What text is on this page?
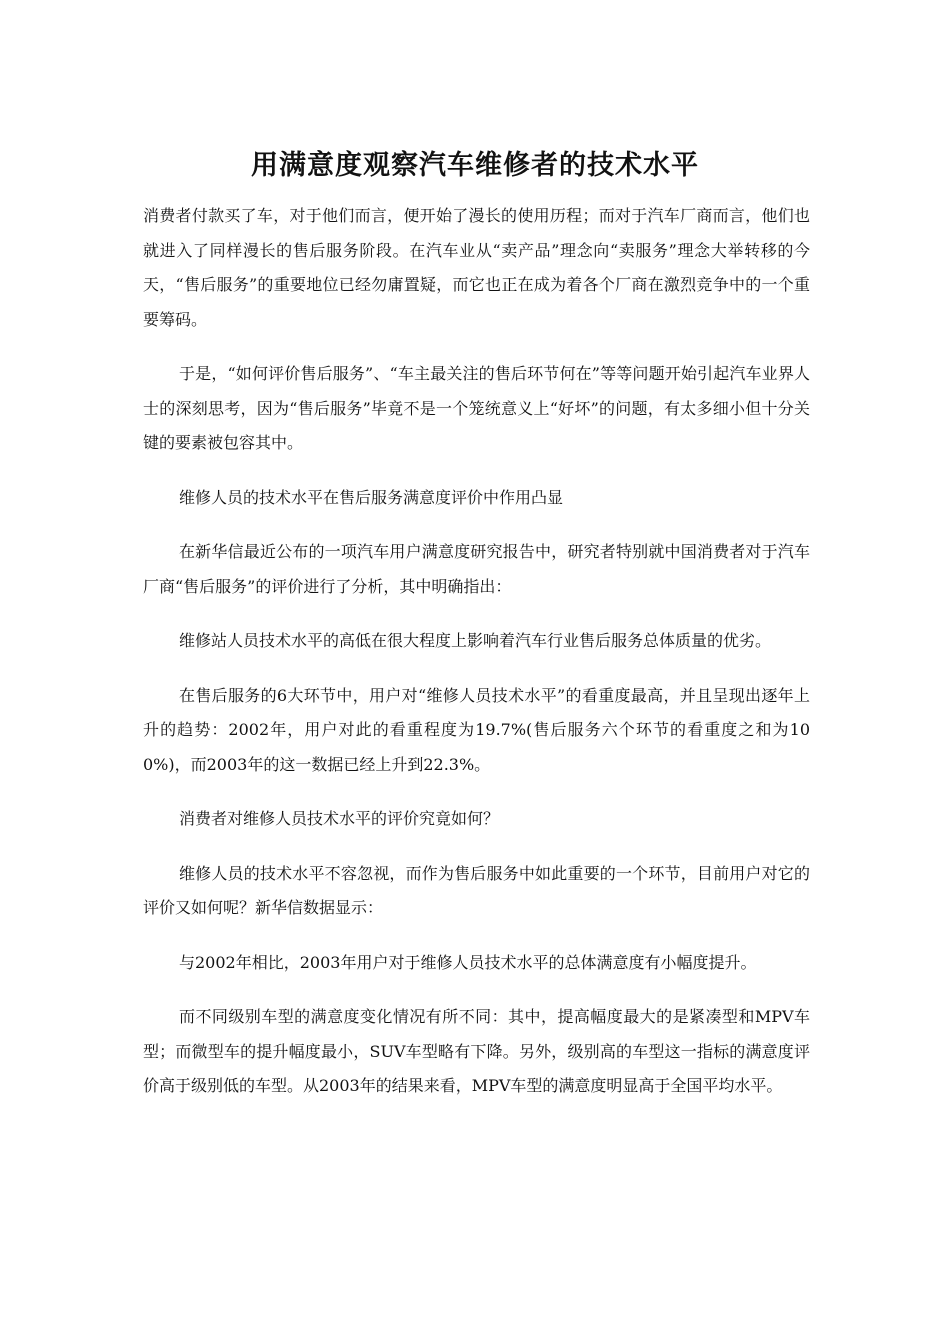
用满意度观察汽车维修者的技术水平

消费者付款买了车，对于他们而言，便开始了漫长的使用历程；而对于汽车厂商而言，他们也就进入了同样漫长的售后服务阶段。在汽车业从“卖产品”理念向“卖服务”理念大举转移的今天，“售后服务”的重要地位已经勿庸置疑，而它也正在成为着各个厂商在激烈竞争中的一个重要筹码。

于是，“如何评价售后服务”、“车主最关注的售后环节何在”等等问题开始引起汽车业界人士的深刻思考，因为“售后服务”毕竟不是一个笼统意义上“好坏”的问题，有太多细小但十分关键的要素被包容其中。

维修人员的技术水平在售后服务满意度评价中作用凸显

在新华信最近公布的一项汽车用户满意度研究报告中，研究者特别就中国消费者对于汽车厂商“售后服务”的评价进行了分析，其中明确指出：

维修站人员技术水平的高低在很大程度上影响着汽车行业售后服务总体质量的优劣。

在售后服务的6大环节中，用户对“维修人员技术水平”的看重度最高，并且呈现出逐年上升的趋势：2002年，用户对此的看重程度为19.7%(售后服务六个环节的看重度之和为100%)，而2003年的这一数据已经上升到22.3%。

消费者对维修人员技术水平的评价究竟如何？

维修人员的技术水平不容忽视，而作为售后服务中如此重要的一个环节，目前用户对它的评价又如何呢？新华信数据显示：

与2002年相比，2003年用户对于维修人员技术水平的总体满意度有小幅度提升。

而不同级别车型的满意度变化情况有所不同：其中，提高幅度最大的是紧凑型和MPV车型；而微型车的提升幅度最小，SUV车型略有下降。另外，级别高的车型这一指标的满意度评价高于级别低的车型。从2003年的结果来看，MPV车型的满意度明显高于全国平均水平。
